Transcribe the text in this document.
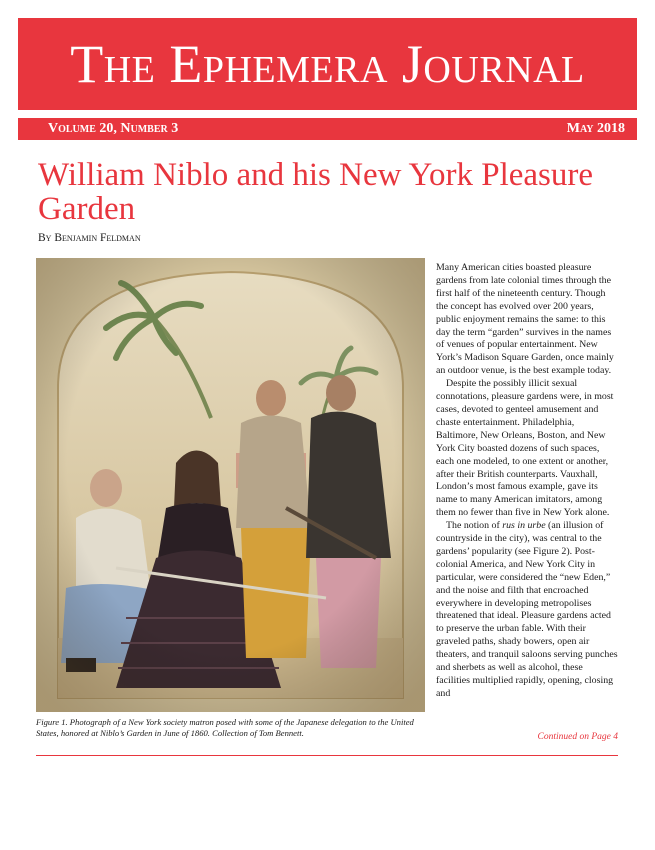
The Ephemera Journal
Volume 20, Number 3	May 2018
William Niblo and his New York Pleasure Garden
By Benjamin Feldman
Figure 1. Photograph of a New York society matron posed with some of the Japanese delegation to the United States, honored at Niblo’s Garden in June of 1860. Collection of Tom Bennett.

Many American cities boasted pleasure gardens from late colonial times through the first half of the nineteenth century. Though the concept has evolved over 200 years, public enjoyment remains the same: to this day the term “garden” survives in the names of venues of popular entertainment. New York’s Madison Square Garden, once mainly an outdoor venue, is the best example today.

Despite the possibly illicit sexual connotations, pleasure gardens were, in most cases, devoted to genteel amusement and chaste entertainment. Philadelphia, Baltimore, New Orleans, Boston, and New York City boasted dozens of such spaces, each one modeled, to one extent or another, after their British counterparts. Vauxhall, London’s most famous example, gave its name to many American imitators, among them no fewer than five in New York alone.

The notion of rus in urbe (an illusion of countryside in the city), was central to the gardens’ popularity (see Figure 2). Post-colonial America, and New York City in particular, were considered the “new Eden,” and the noise and filth that encroached everywhere in developing metropolises threatened that ideal. Pleasure gardens acted to preserve the urban fable. With their graveled paths, shady bowers, open air theaters, and tranquil saloons serving punches and sherbets as well as alcohol, these facilities multiplied rapidly, opening, closing and

Continued on Page 4
